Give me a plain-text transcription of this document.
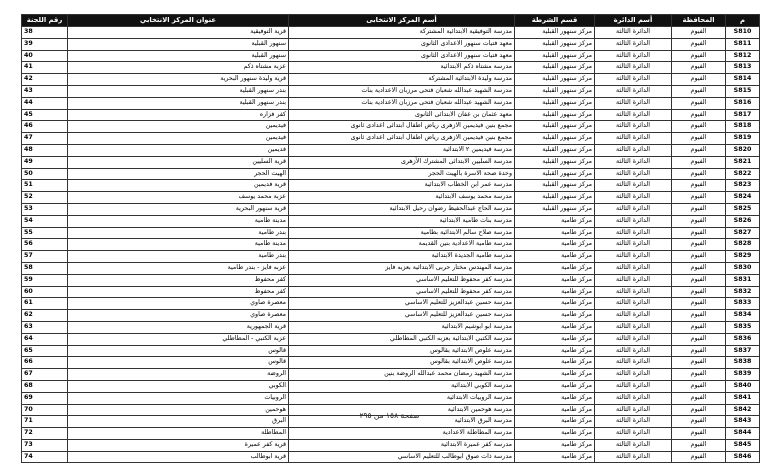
م	المحافظة	أسم الدائرة	قسم الشرطة	أسم المركز الانتخابى	عنوان المركز الانتخابي	رقم اللجنة
S810	الفيوم	الدائرة الثالثة	مركز سنهور القبلية	مدرسة التوفيقية الابتدائية المشتركة	قرية التوفيقية	38
S811	الفيوم	الدائرة الثالثة	مركز سنهور القبلية	معهد فتيات سنهور الاعدادى الثانوى	سنهور القبلية	39
S812	الفيوم	الدائرة الثالثة	مركز سنهور القبلية	معهد فتيات سنهور الاعدادى الثانوى	سنهور القبلية	40
S813	الفيوم	الدائرة الثالثة	مركز سنهور القبلية	مدرسة مشتاه ذكم الابتدائية	عزبة مشتاه ذكم	41
S814	الفيوم	الدائرة الثالثة	مركز سنهور القبلية	مدرسة وليدة الابتدائية المشتركة	قرية وليدة سنهور البحرية	42
S815	الفيوم	الدائرة الثالثة	مركز سنهور القبلية	مدرسة الشهيد عبدالله شعبان فتحى مرزبان الاعدادية بنات	بندر سنهور القبلية	43
S816	الفيوم	الدائرة الثالثة	مركز سنهور القبلية	مدرسة الشهيد عبدالله شعبان فتحى مرزبان الاعدادية بنات	بندر سنهور القبلية	44
S817	الفيوم	الدائرة الثالثة	مركز سنهور القبلية	معهد عثمان بن عفان الابتدائى الثانوى	كفر فزاره	45
S818	الفيوم	الدائرة الثالثة	مركز سنهور القبلية	مجمع بنين فيديمين الازهرى رياض اطفال ابتدائى اعدادى ثانوى	فيديمين	46
S819	الفيوم	الدائرة الثالثة	مركز سنهور القبلية	مجمع بنين فيديمين الازهرى رياض اطفال ابتدائى اعدادى ثانوى	فيديمين	47
S820	الفيوم	الدائرة الثالثة	مركز سنهور القبلية	مدرسة فيديمين ٢ الابتدائية	فديمين	48
S821	الفيوم	الدائرة الثالثة	مركز سنهور القبلية	مدرسة السليين الابتدائى المشترك الأزهرى	قرية السليين	49
S822	الفيوم	الدائرة الثالثة	مركز سنهور القبلية	وحدة صحة الاسرة بالهيت الحجر	الهيت الحجر	50
S823	الفيوم	الدائرة الثالثة	مركز سنهور القبلية	مدرسة عمر ابن الخطاب الابتدائية	قرية فديمين	51
S824	الفيوم	الدائرة الثالثة	مركز سنهور القبلية	مدرسة محمد يوسف الابتدائية	عزبة محمد يوسف	52
S825	الفيوم	الدائرة الثالثة	مركز سنهور القبلية	مدرسة الحاج عبدالحفيظ رضوان رحيل الابتدائية	قرية سنهور البحرية	53
S826	الفيوم	الدائرة الثالثة	مركز طامية	مدرسة بنات طامية الابتدائية	مدينة طامية	54
S827	الفيوم	الدائرة الثالثة	مركز طامية	مدرسة صلاح سالم الابتدائية بطامية	بندر طامية	55
S828	الفيوم	الدائرة الثالثة	مركز طامية	مدرسة طامية الاعدادية بنين القديمة	مدينة طامية	56
S829	الفيوم	الدائرة الثالثة	مركز طامية	مدرسة طامية الجديدة الابتدائية	بندر طامية	57
S830	الفيوم	الدائرة الثالثة	مركز طامية	مدرسة المهندس مختار حربى الابتدائية بعزبه فايز	عزبه فايز - بندر طامية	58
S831	الفيوم	الدائرة الثالثة	مركز طامية	مدرسة كفر محفوظ للتعليم الاساسي	كفر محفوظ	59
S832	الفيوم	الدائرة الثالثة	مركز طامية	مدرسة كفر محفوظ للتعليم الاساسي	كفر محفوظ	60
S833	الفيوم	الدائرة الثالثة	مركز طامية	مدرسة حسين عبدالعزيز للتعليم الاساسي	معصرة صاوي	61
S834	الفيوم	الدائرة الثالثة	مركز طامية	مدرسة حسين عبدالعزيز للتعليم الاساسي	معصرة صاوي	62
S835	الفيوم	الدائرة الثالثة	مركز طامية	مدرسة ابو ابوشيم الابتدائية	قرية الجمهورية	63
S836	الفيوم	الدائرة الثالثة	مركز طامية	مدرسة الكتبي الابتدائية بعزبه الكتبي المطاطلي	عزبة الكتبي - المطاطلي	64
S837	الفيوم	الدائرة الثالثة	مركز طامية	مدرسة علوص الابتدائية بقالوس	قالوس	65
S838	الفيوم	الدائرة الثالثة	مركز طامية	مدرسة علوص الابتدائية بقالوس	قالوس	66
S839	الفيوم	الدائرة الثالثة	مركز طامية	مدرسة الشهيد رمضان محمد عبدالله الروضة بنين	الروضة	67
S840	الفيوم	الدائرة الثالثة	مركز طامية	مدرسة الكوبي الابتدائية	الكوبي	68
S841	الفيوم	الدائرة الثالثة	مركز طامية	مدرسة الروبيات الابتدائية	الروبيات	69
S842	الفيوم	الدائرة الثالثة	مركز طامية	مدرسة هوحمين الابتدائية	هوحمين	70
S843	الفيوم	الدائرة الثالثة	مركز طامية	مدرسة البرق الابتدائية	البرق	71
S844	الفيوم	الدائرة الثالثة	مركز طامية	مدرسة المطاطلة الاعدادية	المطاطلة	72
S845	الفيوم	الدائرة الثالثة	مركز طامية	مدرسة كفر عميرة الابتدائية	قرية كفر عميرة	73
S846	الفيوم	الدائرة الثالثة	مركز طامية	مدرسة ذات صوق ابوطالب للتعليم الاساسي	قرية ابوطالب	74
صفحة ١٥٨ من ٢٩٥
